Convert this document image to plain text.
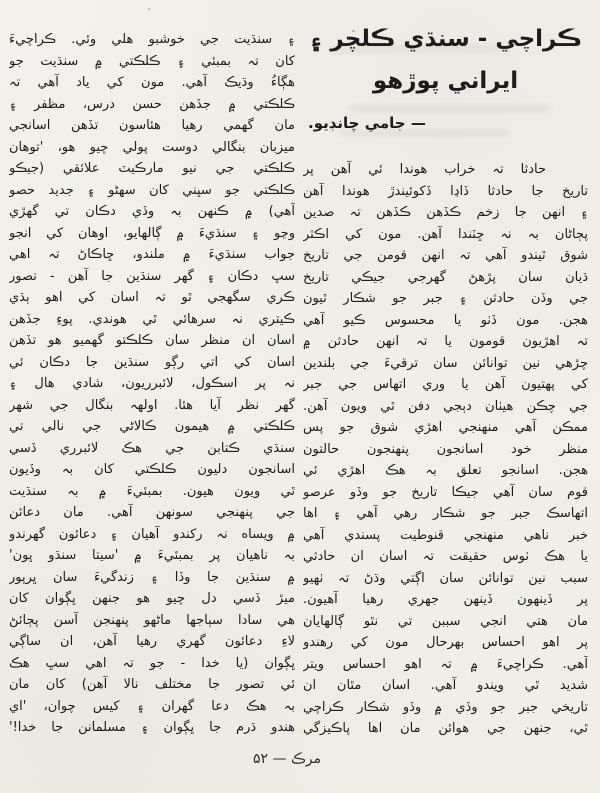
ڪراچي - سنڌي ڪلچر ۽
ايراني پوڙهو
— جامي چانڊيو.
حادثا تہ خراب هوندا ئي آهن پر
تاريخ جا حادثا ڏاڍا ڏکوئيندڙ هوندا آهن
۽ انهن جا زخم ڪڏهن ڪڏهن تہ صدين
پڄاڻان بہ نہ ڇٽندا آهن. مون کي اڪثر
شوق ٿيندو آهي تہ انهن قومن جي تاريخ
ڌيان سان پڙهڻ گهرجي جيڪي تاريخ
جي وڏن حادثن ۽ جبر جو شڪار ٿيون
هجن. مون ڏٺو يا محسوس ڪيو آهي
تہ اهڙيون قومون يا تہ انهن حادثن ۾
چڙهي نين توانائن سان ترقيءَ جي بلندين
کي پهتيون آهن يا وري اتهاس جي جبر
جي چڪن هيٺان دٻجي دفن ٿي ويون آهن.
ممڪن آهي منهنجي اهڙي شوق جو پس
منظر خود اسانجون پنهنجون حالتون
هجن. اسانجو تعلق بہ هڪ اهڙي ئي
قوم سان آهي جيڪا تاريخ جو وڏو عرصو
اتهاسڪ جبر جو شڪار رهي آهي ۽ اها
خبر ناهي منهنجي قنوطيت پسندي آهي
يا هڪ ٺوس حقيقت تہ اسان ان حادثي
سبب نين توانائن سان اڳتي وڌڻ تہ ٺهيو
پر ڏينهون ڏينهن جهري رهيا آهيون.
مان هتي انجي سببن تي نٿو ڳالهايان
پر اهو احساس بهرحال مون کي رهندو
آهي. ڪراچيءَ ۾ تہ اهو احساس ويتر
شديد ٿي ويندو آهي. اسان مٿان ان
تاريخي جبر جو وڏي ۾ وڏو شڪار ڪراچي
ٿي، جنهن جي هوائن مان اها پاڪيزگي
۽ سنڌيت جي خوشبو هلي وئي. ڪراچيءَ
کان تہ بمبئي ۽ ڪلڪتي ۾ سنڌيت جو
هڳاءُ وڌيڪ آهي. مون کي ياد آهي تہ
ڪلڪتي ۾ جڏهن حسن درس، مظفر ۽
مان گهمي رهيا هئاسون تڏهن اسانجي
ميزبان بنگالي دوست پولي چيو هو، 'توهان
ڪلڪتي جي نيو مارڪيٽ علائقي (جيڪو
ڪلڪتي جو سڀني کان سهڻو ۽ جديد حصو
آهي) ۾ ڪنهن بہ وڏي دڪان تي گهڙي
وڃو ۽ سنڌيءَ ۾ ڳالهايو، اوهان کي انجو
جواب سنڌيءَ ۾ ملندو، ڇاڪاڻ تہ اهي
سڀ دڪان ۽ گهر سنڌين جا آهن - تصور
ڪري سگهجي ٿو تہ اسان کي اهو ٻڌي
ڪيتري نہ سرهائي ٿي هوندي. پوءِ جڏهن
اسان ان منظر سان ڪلڪتو گهميو هو تڏهن
اسان کي اتي رڳو سنڌين جا دڪان ئي
نہ پر اسڪول، لائبرريون، شادي هال ۽
گهر نظر آيا هئا. اولهہ بنگال جي شهر
ڪلڪتي ۾ هيمون ڪالاڻي جي نالي تي
سنڌي ڪتابن جي هڪ لائبرري ڏسي
اسانجون دليون ڪلڪتي کان بہ وڏيون
ٿي ويون هيون. بمبئيءَ ۾ بہ سنڌيت
جي پنهنجي سونهن آهي. مان دعائن
۾ ويساه نہ رکندو آهيان ۽ دعائون گهرندو
بہ ناهيان پر بمبئيءَ ۾ 'سيتا سنڌو ڀون'
۾ سنڌين جا وڏا ۽ زندگيءَ سان ڀرپور
ميڙ ڏسي دل چيو هو جنهن ڀڳوان کان
هي سادا سٻاجها ماڻهو پنهنجن آسن پڄائڻ
لاءِ دعائون گهري رهيا آهن، ان ساڳي
ڀڳوان (يا خدا - جو تہ اهي سڀ هڪ
ئي تصور جا مختلف نالا آهن) کان مان
بہ هڪ دعا گهران ۽ کيس چوان، 'اي
هندو ڌرم جا ڀڳوان ۽ مسلمانن جا خدا!'
مرڪ — ۵۲
